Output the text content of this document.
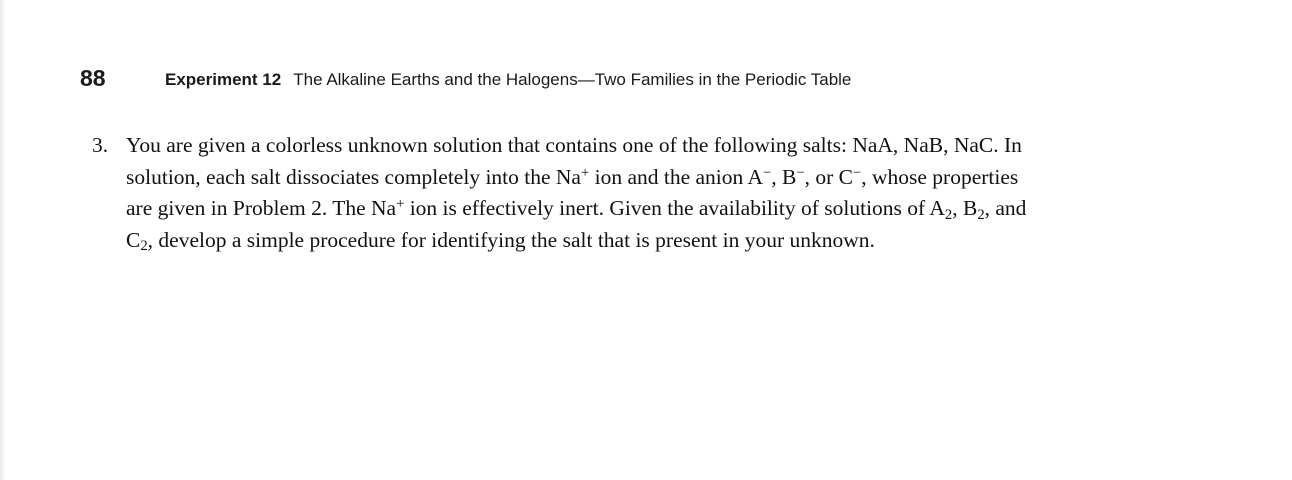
88	Experiment 12 The Alkaline Earths and the Halogens—Two Families in the Periodic Table
3. You are given a colorless unknown solution that contains one of the following salts: NaA, NaB, NaC. In
solution, each salt dissociates completely into the Na+ ion and the anion A−, B−, or C−, whose properties
are given in Problem 2. The Na+ ion is effectively inert. Given the availability of solutions of $A_2$, $B_2$, and
$C_2$, develop a simple procedure for identifying the salt that is present in your unknown.
